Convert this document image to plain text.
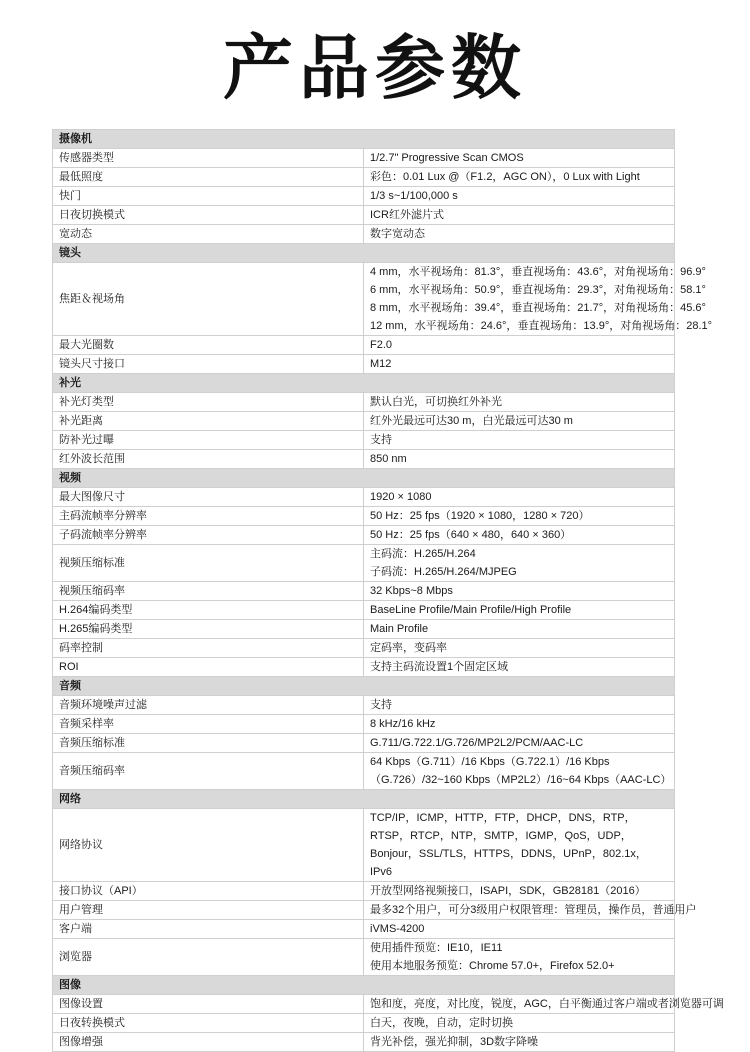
产品参数
摄像机	
传感器类型	1/2.7" Progressive Scan CMOS

最低照度	彩色：0.01 Lux @（F1.2，AGC ON），0 Lux with Light

快门	1/3 s~1/100,000 s

日夜切换模式	ICR红外滤片式

宽动态	数字宽动态

镜头	
焦距＆视场角	4 mm，水平视场角：81.3°，垂直视场角：43.6°，对角视场角：96.9°
6 mm，水平视场角：50.9°，垂直视场角：29.3°，对角视场角：58.1°
8 mm，水平视场角：39.4°，垂直视场角：21.7°，对角视场角：45.6°
12 mm，水平视场角：24.6°，垂直视场角：13.9°，对角视场角：28.1°

最大光圈数	F2.0

镜头尺寸接口	M12

补光	
补光灯类型	默认白光，可切换红外补光

补光距离	红外光最远可达30 m，白光最远可达30 m

防补光过曝	支持

红外波长范围	850 nm

视频	
最大图像尺寸	1920 × 1080

主码流帧率分辨率	50 Hz：25 fps（1920 × 1080，1280 × 720）

子码流帧率分辨率	50 Hz：25 fps（640 × 480，640 × 360）

视频压缩标准	主码流：H.265/H.264
子码流：H.265/H.264/MJPEG

视频压缩码率	32 Kbps~8 Mbps

H.264编码类型	BaseLine Profile/Main Profile/High Profile

H.265编码类型	Main Profile

码率控制	定码率，变码率

ROI	支持主码流设置1个固定区域

音频	
音频环境噪声过滤	支持

音频采样率	8 kHz/16 kHz

音频压缩标准	G.711/G.722.1/G.726/MP2L2/PCM/AAC-LC

音频压缩码率	64 Kbps（G.711）/16 Kbps（G.722.1）/16 Kbps（G.726）/32~160 Kbps（MP2L2）/16~64 Kbps（AAC-LC）

网络	
网络协议	TCP/IP，ICMP，HTTP，FTP，DHCP，DNS，RTP，RTSP，RTCP，NTP，SMTP，IGMP，QoS，UDP，Bonjour，SSL/TLS，HTTPS，DDNS，UPnP，802.1x，IPv6

接口协议（API）	开放型网络视频接口，ISAPI，SDK，GB28181（2016）

用户管理	最多32个用户，可分3级用户权限管理：管理员，操作员，普通用户

客户端	iVMS-4200

浏览器	使用插件预览：IE10，IE11
使用本地服务预览：Chrome 57.0+，Firefox 52.0+

图像	
图像设置	饱和度，亮度，对比度，锐度，AGC，白平衡通过客户端或者浏览器可调

日夜转换模式	白天，夜晚，自动，定时切换

图像增强	背光补偿，强光抑制，3D数字降噪
